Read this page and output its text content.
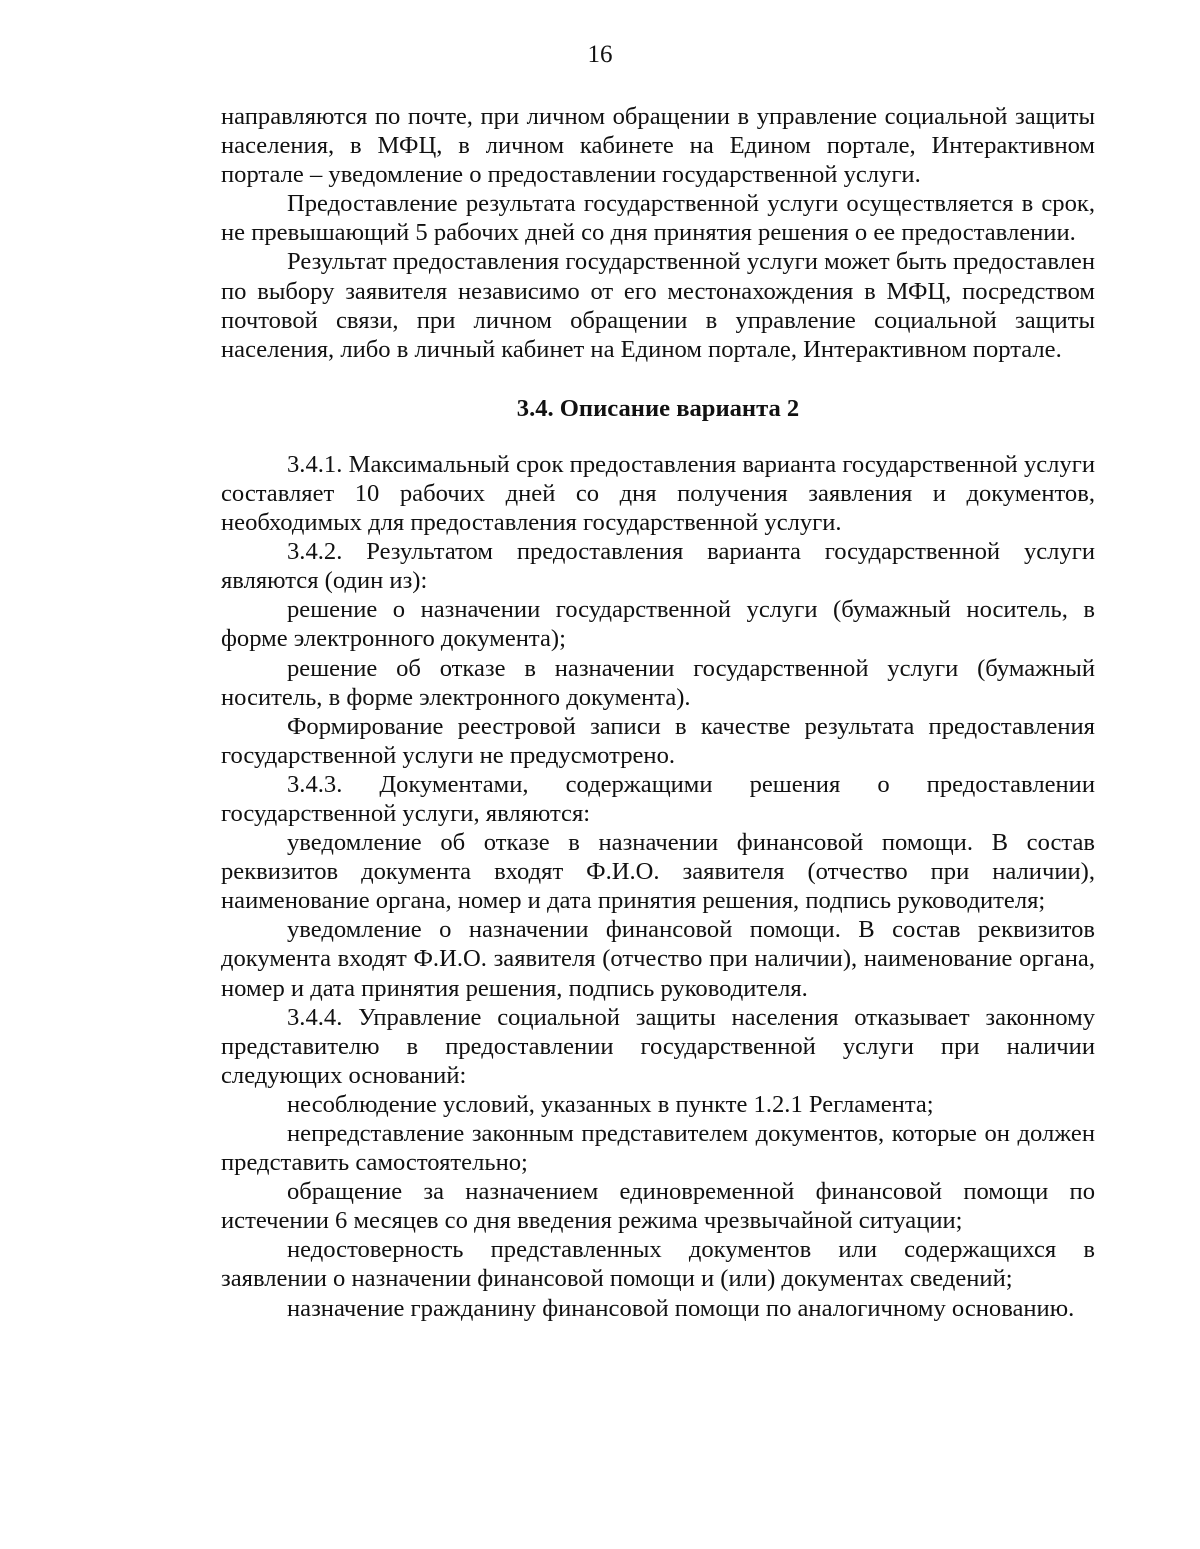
16

направляются по почте, при личном обращении в управление социальной защиты населения, в МФЦ, в личном кабинете на Едином портале, Интерактивном портале – уведомление о предоставлении государственной услуги.

Предоставление результата государственной услуги осуществляется в срок, не превышающий 5 рабочих дней со дня принятия решения о ее предоставлении.

Результат предоставления государственной услуги может быть предоставлен по выбору заявителя независимо от его местонахождения в МФЦ, посредством почтовой связи, при личном обращении в управление социальной защиты населения, либо в личный кабинет на Едином портале, Интерактивном портале.

3.4. Описание варианта 2

3.4.1. Максимальный срок предоставления варианта государственной услуги составляет 10 рабочих дней со дня получения заявления и документов, необходимых для предоставления государственной услуги.

3.4.2. Результатом предоставления варианта государственной услуги являются (один из):

решение о назначении государственной услуги (бумажный носитель, в форме электронного документа);

решение об отказе в назначении государственной услуги (бумажный носитель, в форме электронного документа).

Формирование реестровой записи в качестве результата предоставления государственной услуги не предусмотрено.

3.4.3. Документами, содержащими решения о предоставлении государственной услуги, являются:

уведомление об отказе в назначении финансовой помощи. В состав реквизитов документа входят Ф.И.О. заявителя (отчество при наличии), наименование органа, номер и дата принятия решения, подпись руководителя;

уведомление о назначении финансовой помощи. В состав реквизитов документа входят Ф.И.О. заявителя (отчество при наличии), наименование органа, номер и дата принятия решения, подпись руководителя.

3.4.4. Управление социальной защиты населения отказывает законному представителю в предоставлении государственной услуги при наличии следующих оснований:

несоблюдение условий, указанных в пункте 1.2.1 Регламента;

непредставление законным представителем документов, которые он должен представить самостоятельно;

обращение за назначением единовременной финансовой помощи по истечении 6 месяцев со дня введения режима чрезвычайной ситуации;

недостоверность представленных документов или содержащихся в заявлении о назначении финансовой помощи и (или) документах сведений;

назначение гражданину финансовой помощи по аналогичному основанию.
